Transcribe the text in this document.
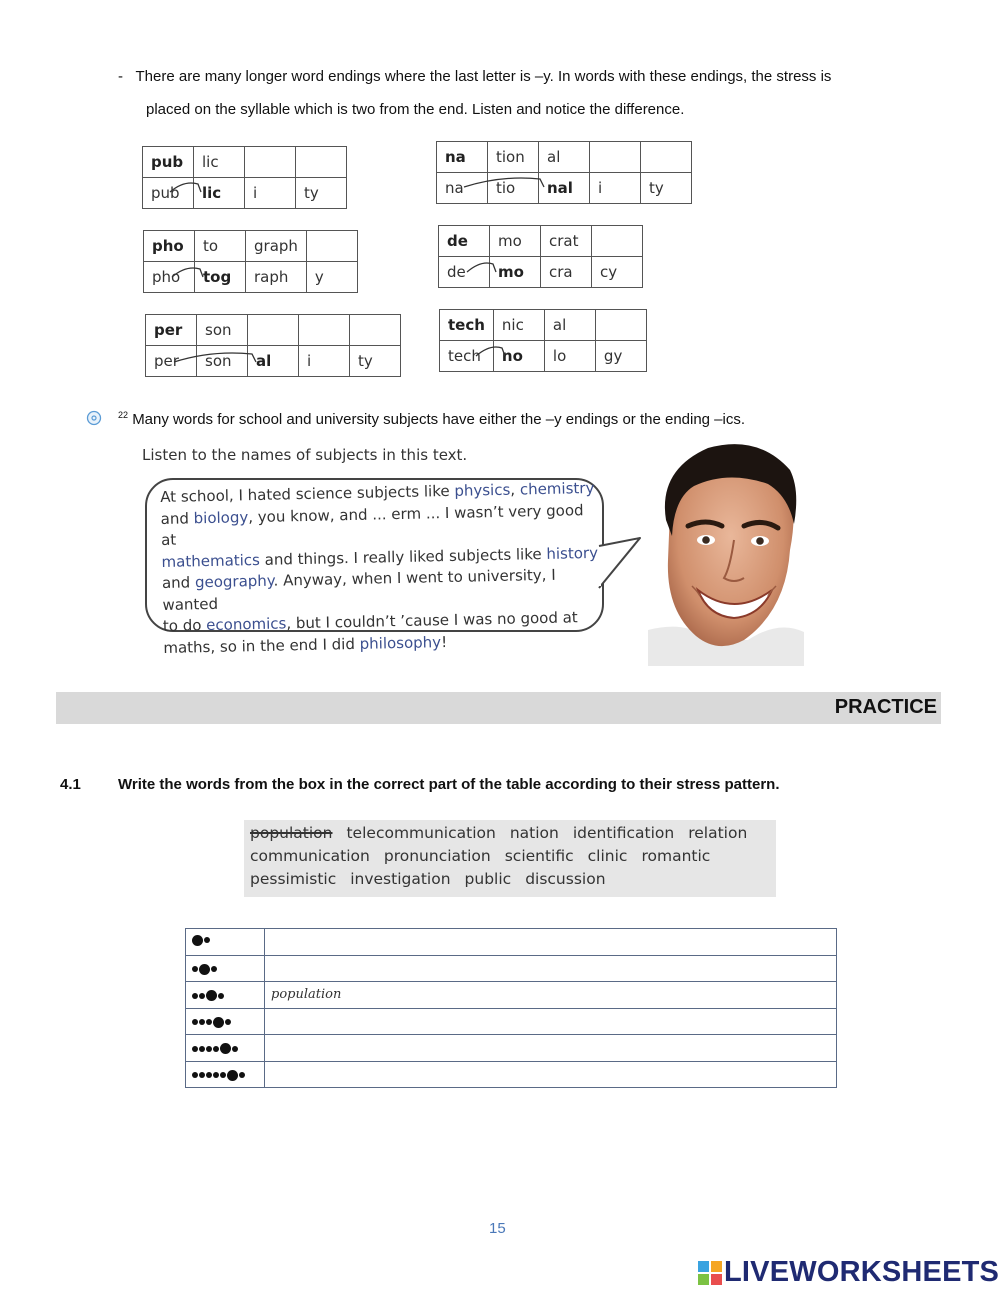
- There are many longer word endings where the last letter is –y. In words with these endings, the stress is
placed on the syllable which is two from the end. Listen and notice the difference.
pub	lic		
pub	lic	i	ty
pho	to	graph	
pho	tog	raph	y
per	son			
per	son	al	i	ty
na	tion	al		
na	tio	nal	i	ty
de	mo	crat	
de	mo	cra	cy
tech	nic	al	
tech	no	lo	gy
$^{22}$ Many words for school and university subjects have either the –y endings or the ending –ics.
Listen to the names of subjects in this text.
At school, I hated science subjects like physics, chemistry
and biology, you know, and ... erm ... I wasn’t very good at
mathematics and things. I really liked subjects like history
and geography. Anyway, when I went to university, I wanted
to do economics, but I couldn’t ’cause I was no good at
maths, so in the end I did philosophy!
PRACTICE
4.1 Write the words from the box in the correct part of the table according to their stress pattern.
population telecommunication nation identification relation
communication pronunciation scientific clinic romantic
pessimistic investigation public discussion

	population

15
LIVEWORKSHEETS
